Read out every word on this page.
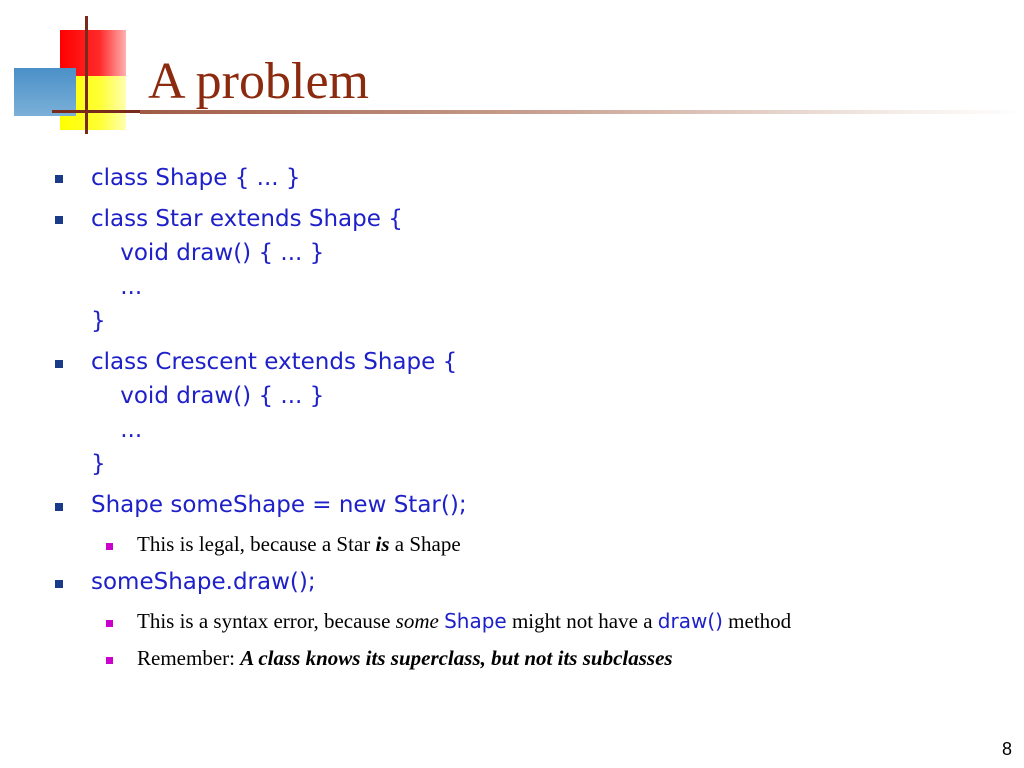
A problem
class Shape { ... }
class Star extends Shape {
void draw() { ... }
...
}
class Crescent extends Shape {
void draw() { ... }
...
}
Shape someShape = new Star();

This is legal, because a Star is a Shape

someShape.draw();

This is a syntax error, because some Shape might not have a draw() method

Remember: A class knows its superclass, but not its subclasses

8
